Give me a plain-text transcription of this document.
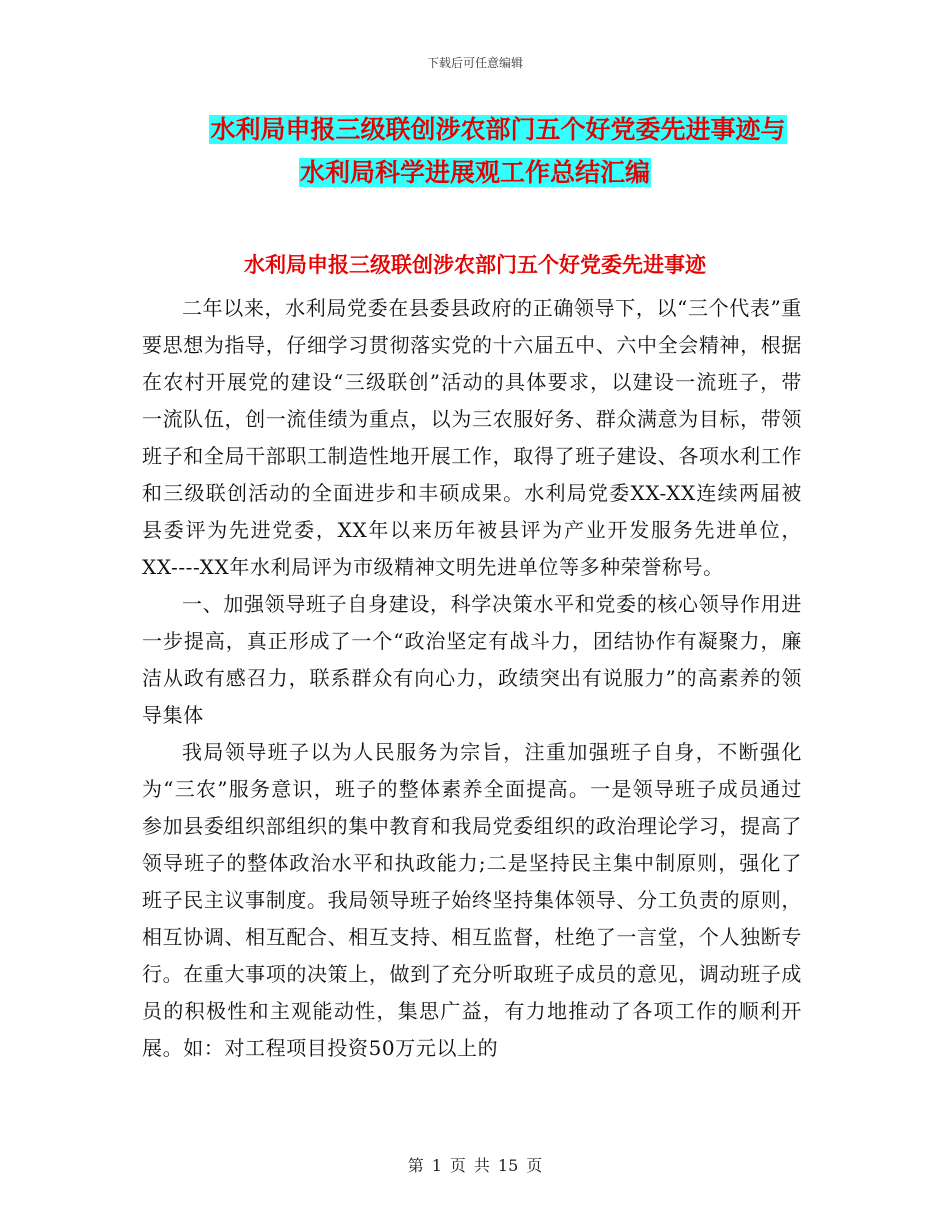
下载后可任意编辑
水利局申报三级联创涉农部门五个好党委先进事迹与
水利局科学进展观工作总结汇编
水利局申报三级联创涉农部门五个好党委先进事迹

二年以来，水利局党委在县委县政府的正确领导下，以“三个代表”重要思想为指导，仔细学习贯彻落实党的十六届五中、六中全会精神，根据在农村开展党的建设“三级联创”活动的具体要求，以建设一流班子，带一流队伍，创一流佳绩为重点，以为三农服好务、群众满意为目标，带领班子和全局干部职工制造性地开展工作，取得了班子建设、各项水利工作和三级联创活动的全面进步和丰硕成果。水利局党委XX-XX连续两届被县委评为先进党委，XX年以来历年被县评为产业开发服务先进单位，XX----XX年水利局评为市级精神文明先进单位等多种荣誉称号。

一、加强领导班子自身建设，科学决策水平和党委的核心领导作用进一步提高，真正形成了一个“政治坚定有战斗力，团结协作有凝聚力，廉洁从政有感召力，联系群众有向心力，政绩突出有说服力”的高素养的领导集体

我局领导班子以为人民服务为宗旨，注重加强班子自身，不断强化为“三农”服务意识，班子的整体素养全面提高。一是领导班子成员通过参加县委组织部组织的集中教育和我局党委组织的政治理论学习，提高了领导班子的整体政治水平和执政能力;二是坚持民主集中制原则，强化了班子民主议事制度。我局领导班子始终坚持集体领导、分工负责的原则，相互协调、相互配合、相互支持、相互监督，杜绝了一言堂，个人独断专行。在重大事项的决策上，做到了充分听取班子成员的意见，调动班子成员的积极性和主观能动性，集思广益，有力地推动了各项工作的顺利开展。如：对工程项目投资50万元以上的

第 1 页 共 15 页
